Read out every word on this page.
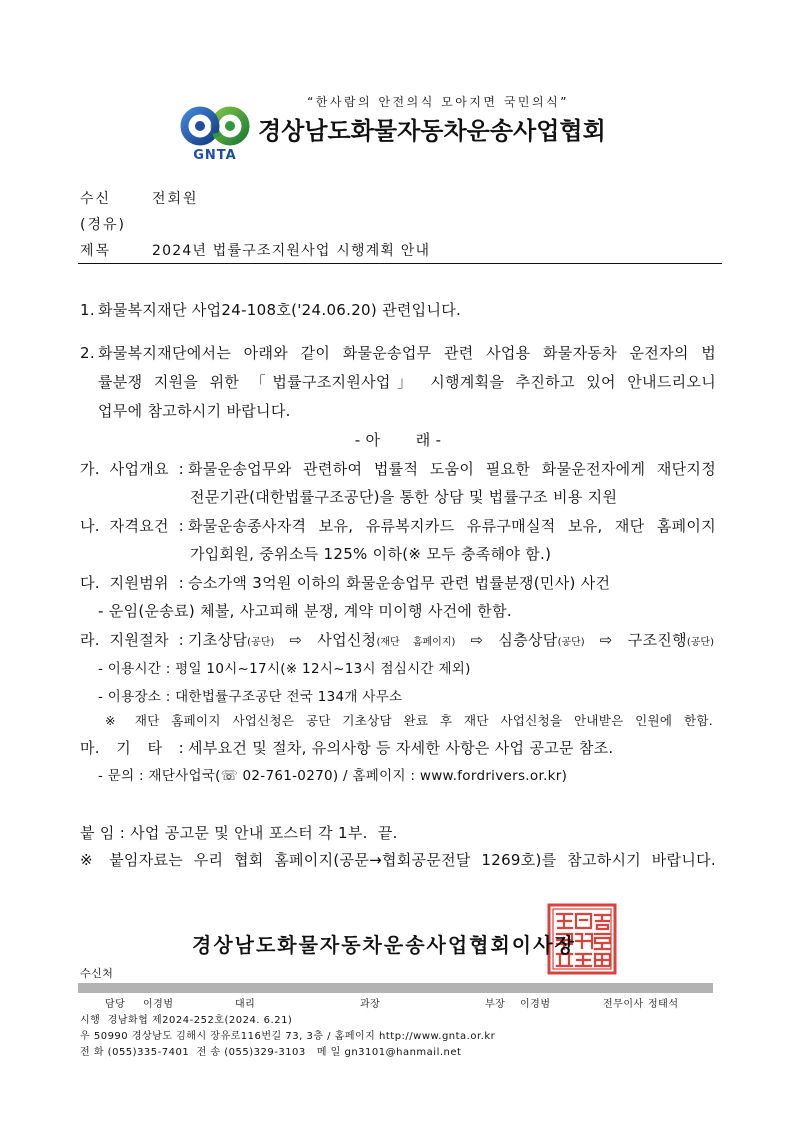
“한사람의 안전의식 모아지면 국민의식”
GNTA
경상남도화물자동차운송사업협회
수신	전회원
(경유)
제목	2024년 법률구조지원사업 시행계획 안내
1. 화물복지재단 사업24-108호('24.06.20) 관련입니다.
2. 화물복지재단에서는 아래와 같이 화물운송업무 관련 사업용 화물자동차 운전자의 법
률분쟁 지원을 위한 「법률구조지원사업」 시행계획을 추진하고 있어 안내드리오니
업무에 참고하시기 바랍니다.
- 아       래 -
가. 사업개요 : 화물운송업무와 관련하여 법률적 도움이 필요한 화물운전자에게 재단지정
전문기관(대한법률구조공단)을 통한 상담 및 법률구조 비용 지원
나. 자격요건 : 화물운송종사자격 보유, 유류복지카드 유류구매실적 보유, 재단 홈페이지
가입회원, 중위소득 125% 이하(※ 모두 충족해야 함.)
다. 지원범위 : 승소가액 3억원 이하의 화물운송업무 관련 법률분쟁(민사) 사건
- 운임(운송료) 체불, 사고피해 분쟁, 계약 미이행 사건에 한함.
라. 지원절차 : 기초상담(공단) ⇨ 사업신청(재단 홈페이지) ⇨ 심층상담(공단) ⇨ 구조진행(공단)
- 이용시간 : 평일 10시~17시(※ 12시~13시 점심시간 제외)
- 이용장소 : 대한법률구조공단 전국 134개 사무소
※ 재단 홈페이지 사업신청은 공단 기초상담 완료 후 재단 사업신청을 안내받은 인원에 한함.
마. 기 타 : 세부요건 및 절차, 유의사항 등 자세한 사항은 사업 공고문 참조.
- 문의 : 재단사업국(☏ 02-761-0270) / 홈페이지 : www.fordrivers.or.kr)
붙 임 : 사업 공고문 및 안내 포스터 각 1부.  끝.
※ 붙임자료는 우리 협회 홈페이지(공문→협회공문전달 1269호)를 참고하시기 바랍니다.
경상남도화물자동차운송사업협회이사장
수신처
담당 이경범	대리	과장	부장 이경범	전무이사 정태석
시행  경남화협 제2024-252호(2024. 6.21)
우 50990 경상남도 김해시 장유로116번길 73, 3층 / 홈페이지 http://www.gnta.or.kr
전 화 (055)335-7401  전 송 (055)329-3103   메 일 gn3101@hanmail.net
